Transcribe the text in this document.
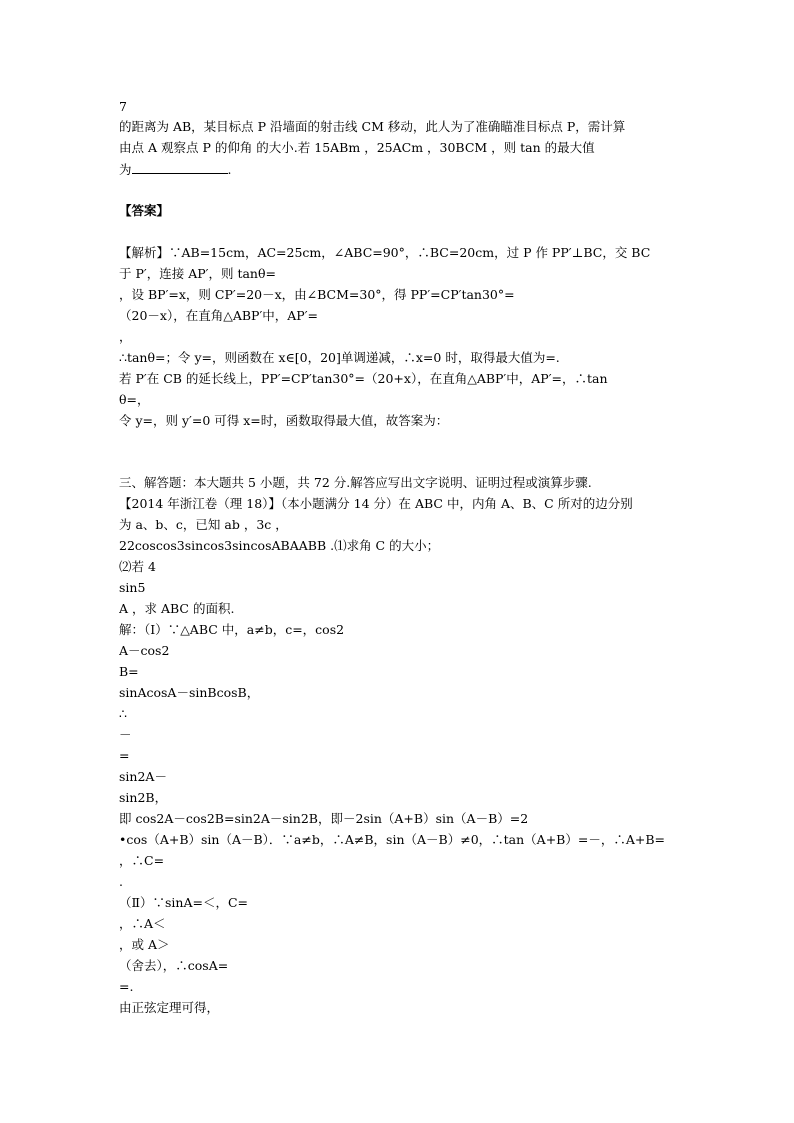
7
的距离为 AB，某目标点 P 沿墙面的射击线 CM 移动，此人为了准确瞄准目标点 P，需计算
由点 A 观察点 P 的仰角 的大小.若 15ABm ，25ACm ，30BCM ，则 tan 的最大值
为	.
【答案】
【解析】∵AB=15cm，AC=25cm，∠ABC=90°，∴BC=20cm，过 P 作 PP′⊥BC，交 BC
于 P′，连接 AP′，则 tanθ=
，设 BP′=x，则 CP′=20－x，由∠BCM=30°，得 PP′=CP′tan30°=
（20－x），在直角△ABP′中，AP′=
，
∴tanθ=；令 y=，则函数在 x∈[0，20]单调递减，∴x=0 时，取得最大值为=.
若 P′在 CB 的延长线上，PP′=CP′tan30°=（20+x），在直角△ABP′中，AP′=，∴tan
θ=，
令 y=，则 y′=0 可得 x=时，函数取得最大值，故答案为：
三、解答题：本大题共 5 小题，共 72 分.解答应写出文字说明、证明过程或演算步骤.
【2014 年浙江卷（理 18）】（本小题满分 14 分）在 ABC 中，内角 A、B、C 所对的边分别
为 a、b、c，已知 ab ，3c ，
22coscos3sincos3sincosABAABB .⑴求角 C 的大小；
⑵若 4
sin5
A ，求 ABC 的面积.
解：（Ⅰ）∵△ABC 中，a≠b，c=，cos2
A－cos2
B=
sinAcosA－sinBcosB，
∴
－
=
sin2A－
sin2B，
即 cos2A－cos2B=sin2A－sin2B，即－2sin（A+B）sin（A－B）=2
•cos（A+B）sin（A－B）．∵a≠b，∴A≠B，sin（A－B）≠0，∴tan（A+B）=－，∴A+B=
，∴C=
.
（Ⅱ）∵sinA=＜，C=
，∴A＜
，或 A＞
（舍去），∴cosA=
=.
由正弦定理可得，
